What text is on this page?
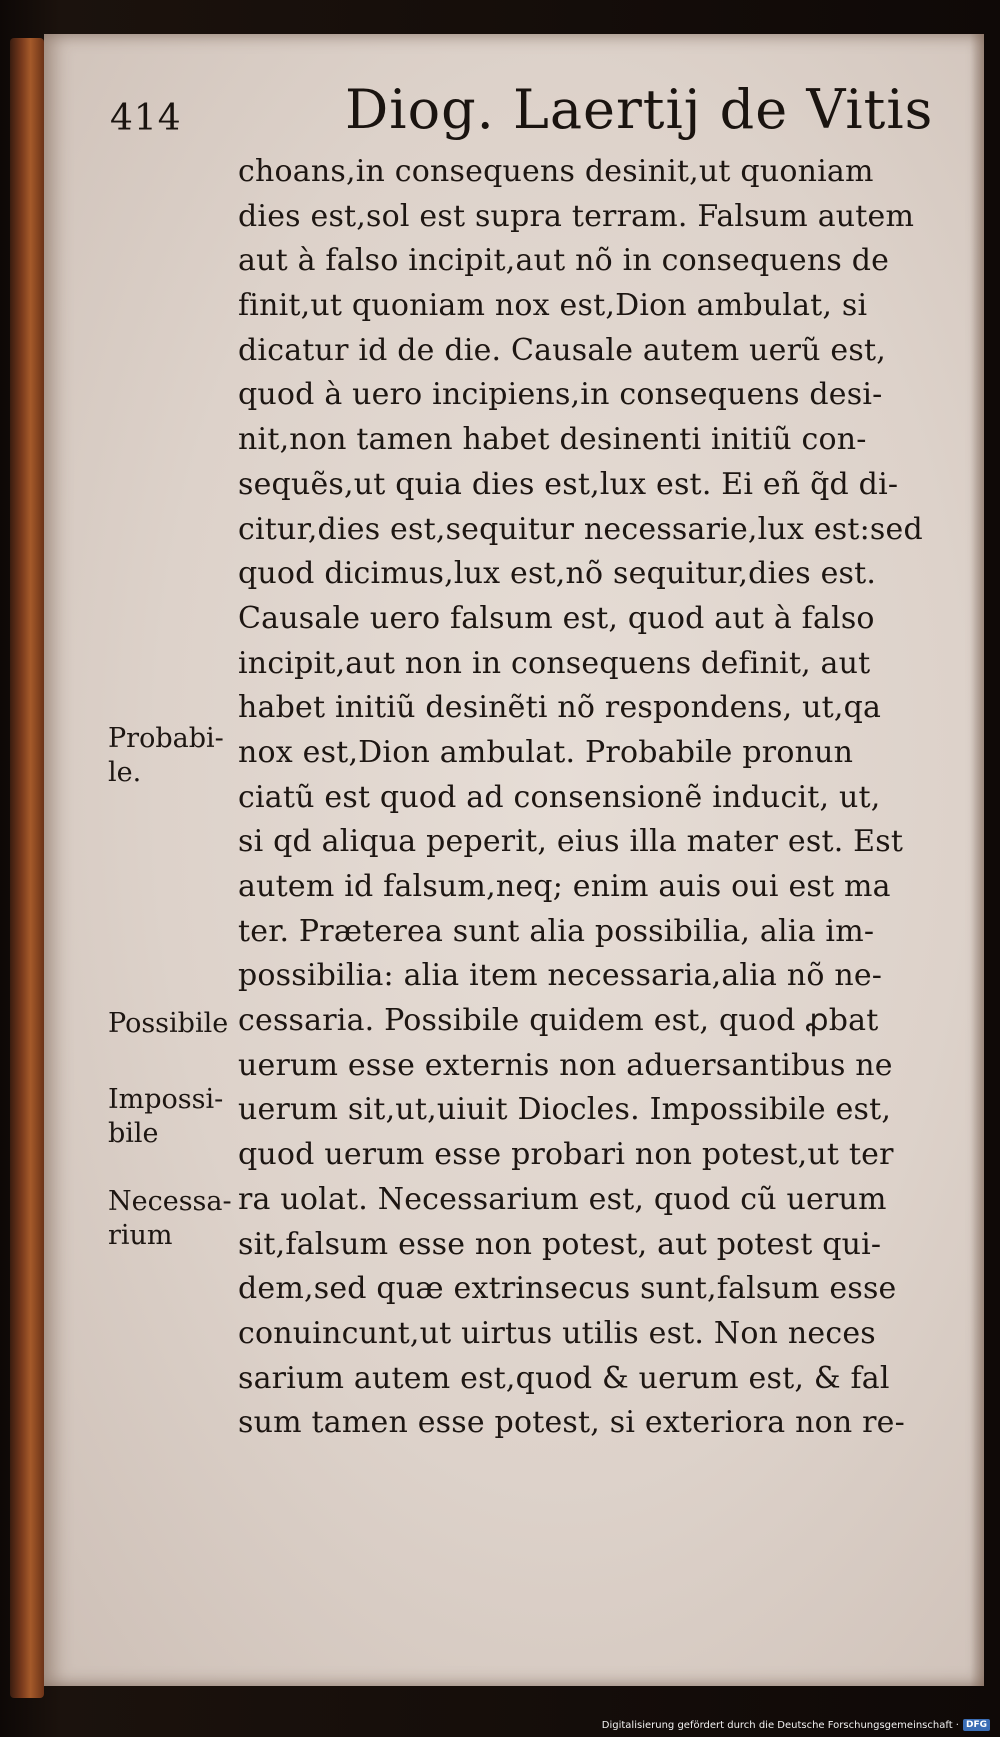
414	Diog. Laertij de Vitis
choans,in consequens desinit,ut quoniam
dies est,sol est supra terram. Falsum autem
aut à falso incipit,aut nõ in consequens de
finit,ut quoniam nox est,Dion ambulat, si
dicatur id de die. Causale autem uerũ est,
quod à uero incipiens,in consequens desi-
nit,non tamen habet desinenti initiũ con-
sequẽs,ut quia dies est,lux est. Ei eñ q̃d di-
citur,dies est,sequitur necessarie,lux est:sed
quod dicimus,lux est,nõ sequitur,dies est.
Causale uero falsum est, quod aut à falso
incipit,aut non in consequens definit, aut
habet initiũ desinẽti nõ respondens, ut,qa
nox est,Dion ambulat. Probabile pronun
ciatũ est quod ad consensionẽ inducit, ut,
si qd aliqua peperit, eius illa mater est. Est
autem id falsum,neq; enim auis oui est ma
ter. Præterea sunt alia possibilia, alia im-
possibilia: alia item necessaria,alia nõ ne-
cessaria. Possibile quidem est, quod ꝓbat
uerum esse externis non aduersantibus ne
uerum sit,ut,uiuit Diocles. Impossibile est,
quod uerum esse probari non potest,ut ter
ra uolat. Necessarium est, quod cũ uerum
sit,falsum esse non potest, aut potest qui-
dem,sed quæ extrinsecus sunt,falsum esse
conuincunt,ut uirtus utilis est. Non neces
sarium autem est,quod & uerum est, & fal
sum tamen esse potest, si exteriora non re-
Probabi-
le.
Possibile
Impossi-
bile
Necessa-
rium
Digitalisierung gefördert durch die Deutsche Forschungsgemeinschaft · DFG
